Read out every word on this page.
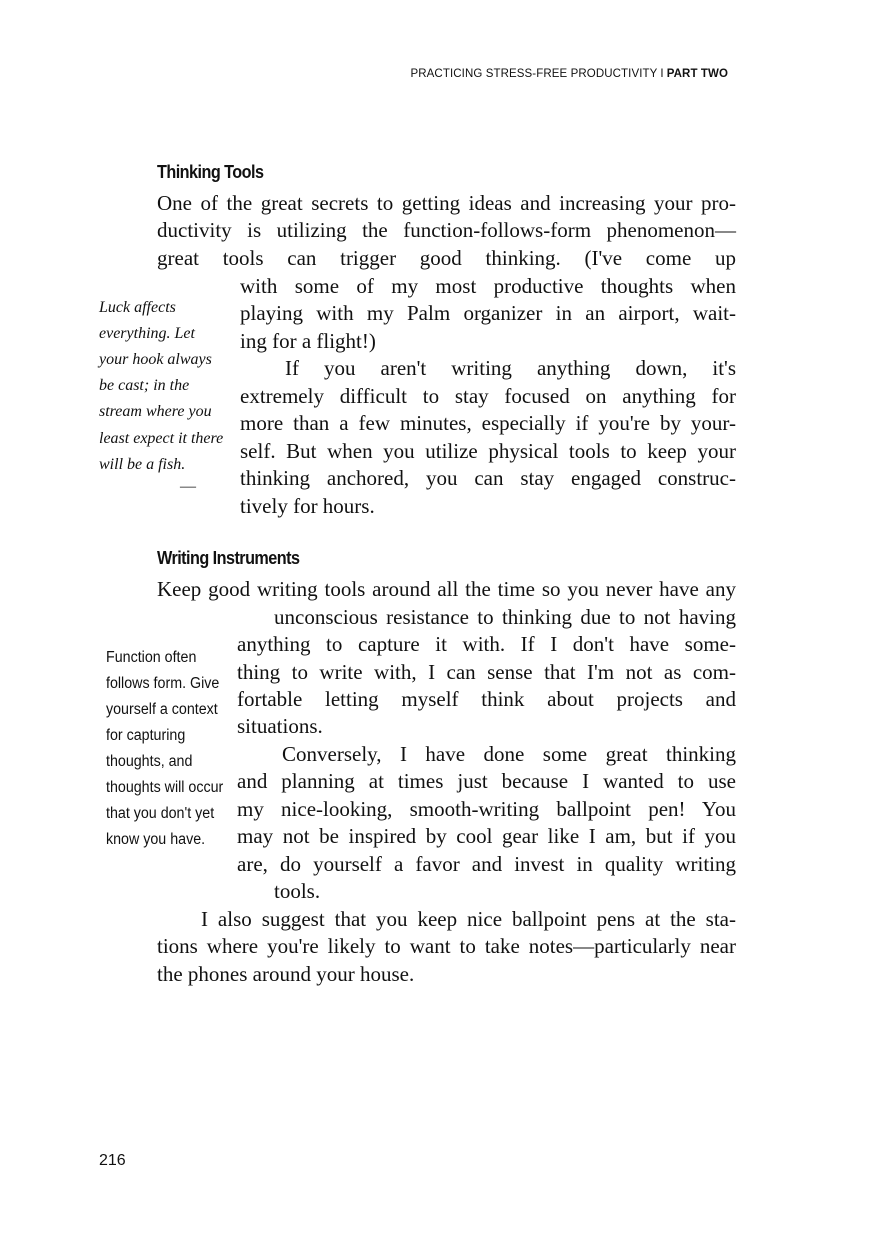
PRACTICING STRESS-FREE PRODUCTIVITY I PART TWO
Thinking Tools
One of the great secrets to getting ideas and increasing your pro-
ductivity is utilizing the function-follows-form phenomenon—
great tools can trigger good thinking. (I've come up
with some of my most productive thoughts when
playing with my Palm organizer in an airport, wait-
ing for a flight!)
If you aren't writing anything down, it's
extremely difficult to stay focused on anything for
more than a few minutes, especially if you're by your-
self. But when you utilize physical tools to keep your
thinking anchored, you can stay engaged construc-
tively for hours.
Luck affects
everything. Let
your hook always
be cast; in the
stream where you
least expect it there
will be a fish.
—
Writing Instruments
Keep good writing tools around all the time so you never have any
unconscious resistance to thinking due to not having
anything to capture it with. If I don't have some-
thing to write with, I can sense that I'm not as com-
fortable letting myself think about projects and
situations.
Conversely, I have done some great thinking
and planning at times just because I wanted to use
my nice-looking, smooth-writing ballpoint pen! You
may not be inspired by cool gear like I am, but if you
are, do yourself a favor and invest in quality writing
tools.
I also suggest that you keep nice ballpoint pens at the sta-
tions where you're likely to want to take notes—particularly near
the phones around your house.
Function often
follows form. Give
yourself a context
for capturing
thoughts, and
thoughts will occur
that you don't yet
know you have.
216
